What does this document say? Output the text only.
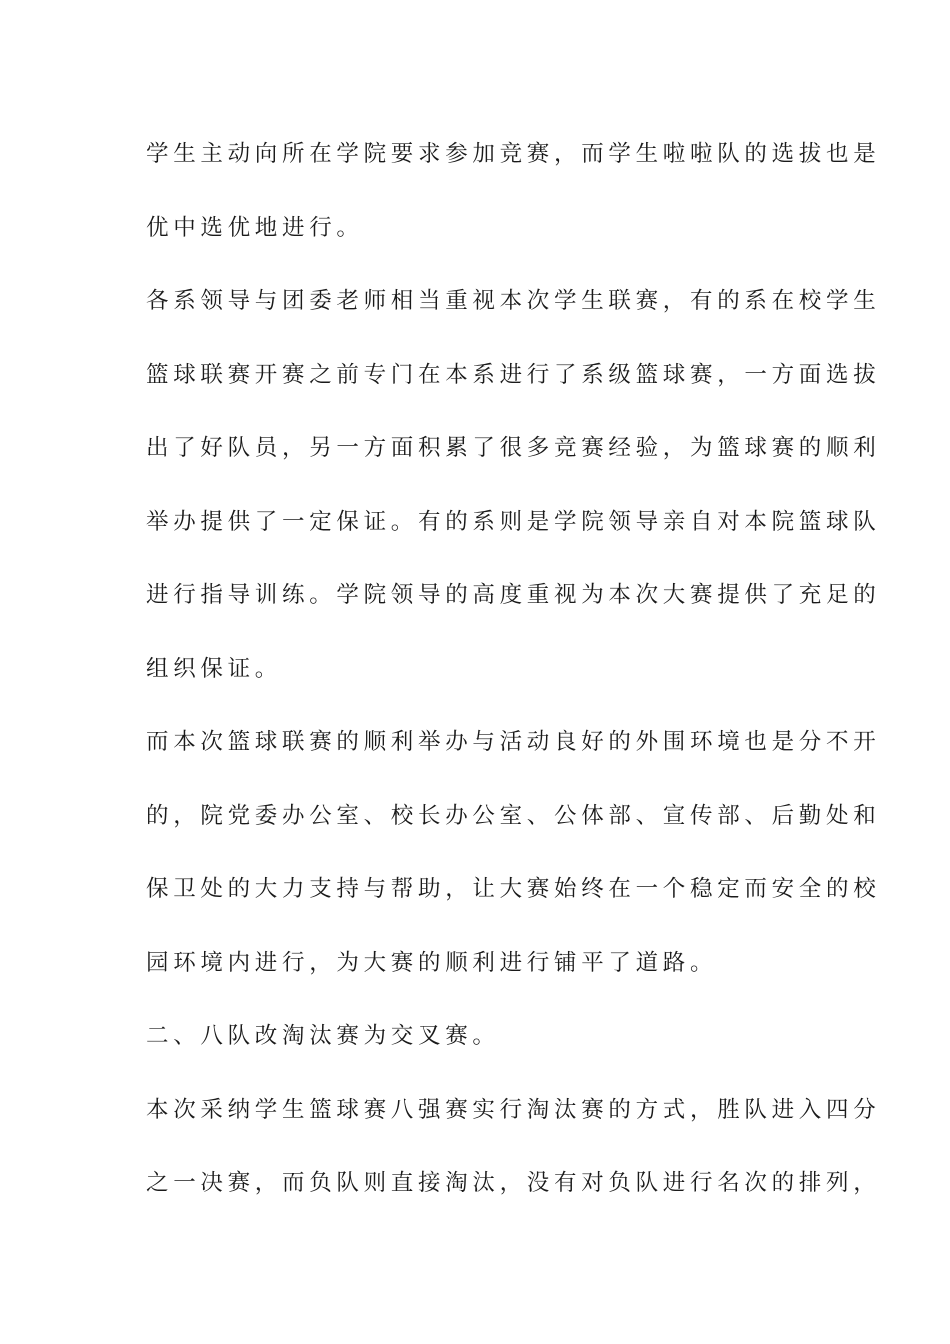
学生主动向所在学院要求参加竞赛，而学生啦啦队的选拔也是
优中选优地进行。
各系领导与团委老师相当重视本次学生联赛，有的系在校学生
篮球联赛开赛之前专门在本系进行了系级篮球赛，一方面选拔
出了好队员，另一方面积累了很多竞赛经验，为篮球赛的顺利
举办提供了一定保证。有的系则是学院领导亲自对本院篮球队
进行指导训练。学院领导的高度重视为本次大赛提供了充足的
组织保证。
而本次篮球联赛的顺利举办与活动良好的外围环境也是分不开
的，院党委办公室、校长办公室、公体部、宣传部、后勤处和
保卫处的大力支持与帮助，让大赛始终在一个稳定而安全的校
园环境内进行，为大赛的顺利进行铺平了道路。
二、八队改淘汰赛为交叉赛。
本次采纳学生篮球赛八强赛实行淘汰赛的方式，胜队进入四分
之一决赛，而负队则直接淘汰，没有对负队进行名次的排列，
